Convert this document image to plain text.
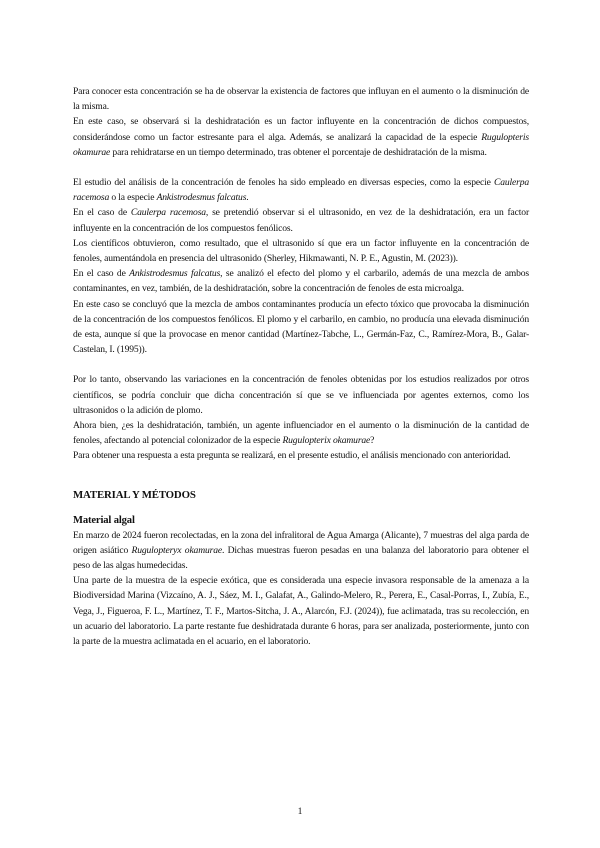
Para conocer esta concentración se ha de observar la existencia de factores que influyan en el aumento o la disminución de la misma.

En este caso, se observará si la deshidratación es un factor influyente en la concentración de dichos compuestos, considerándose como un factor estresante para el alga. Además, se analizará la capacidad de la especie Rugulopteris okamurae para rehidratarse en un tiempo determinado, tras obtener el porcentaje de deshidratación de la misma.

El estudio del análisis de la concentración de fenoles ha sido empleado en diversas especies, como la especie Caulerpa racemosa o la especie Ankistrodesmus falcatus.

En el caso de Caulerpa racemosa, se pretendió observar si el ultrasonido, en vez de la deshidratación, era un factor influyente en la concentración de los compuestos fenólicos.

Los científicos obtuvieron, como resultado, que el ultrasonido sí que era un factor influyente en la concentración de fenoles, aumentándola en presencia del ultrasonido (Sherley, Hikmawanti, N. P. E., Agustin, M. (2023)).

En el caso de Ankistrodesmus falcatus, se analizó el efecto del plomo y el carbarilo, además de una mezcla de ambos contaminantes, en vez, también, de la deshidratación, sobre la concentración de fenoles de esta microalga.

En este caso se concluyó que la mezcla de ambos contaminantes producía un efecto tóxico que provocaba la disminución de la concentración de los compuestos fenólicos. El plomo y el carbarilo, en cambio, no producía una elevada disminución de esta, aunque sí que la provocase en menor cantidad (Martínez-Tabche, L., Germán-Faz, C., Ramírez-Mora, B., Galar-Castelan, I. (1995)).

Por lo tanto, observando las variaciones en la concentración de fenoles obtenidas por los estudios realizados por otros científicos, se podría concluir que dicha concentración sí que se ve influenciada por agentes externos, como los ultrasonidos o la adición de plomo.

Ahora bien, ¿es la deshidratación, también, un agente influenciador en el aumento o la disminución de la cantidad de fenoles, afectando al potencial colonizador de la especie Rugulopterix okamurae?

Para obtener una respuesta a esta pregunta se realizará, en el presente estudio, el análisis mencionado con anterioridad.

MATERIAL Y MÉTODOS
Material algal

En marzo de 2024 fueron recolectadas, en la zona del infralitoral de Agua Amarga (Alicante), 7 muestras del alga parda de origen asiático Rugulopteryx okamurae. Dichas muestras fueron pesadas en una balanza del laboratorio para obtener el peso de las algas humedecidas.

Una parte de la muestra de la especie exótica, que es considerada una especie invasora responsable de la amenaza a la Biodiversidad Marina (Vizcaíno, A. J., Sáez, M. I., Galafat, A., Galindo-Melero, R., Perera, E., Casal-Porras, I., Zubía, E., Vega, J., Figueroa, F. L., Martínez, T. F., Martos-Sitcha, J. A., Alarcón, F.J. (2024)), fue aclimatada, tras su recolección, en un acuario del laboratorio. La parte restante fue deshidratada durante 6 horas, para ser analizada, posteriormente, junto con la parte de la muestra aclimatada en el acuario, en el laboratorio.

1
